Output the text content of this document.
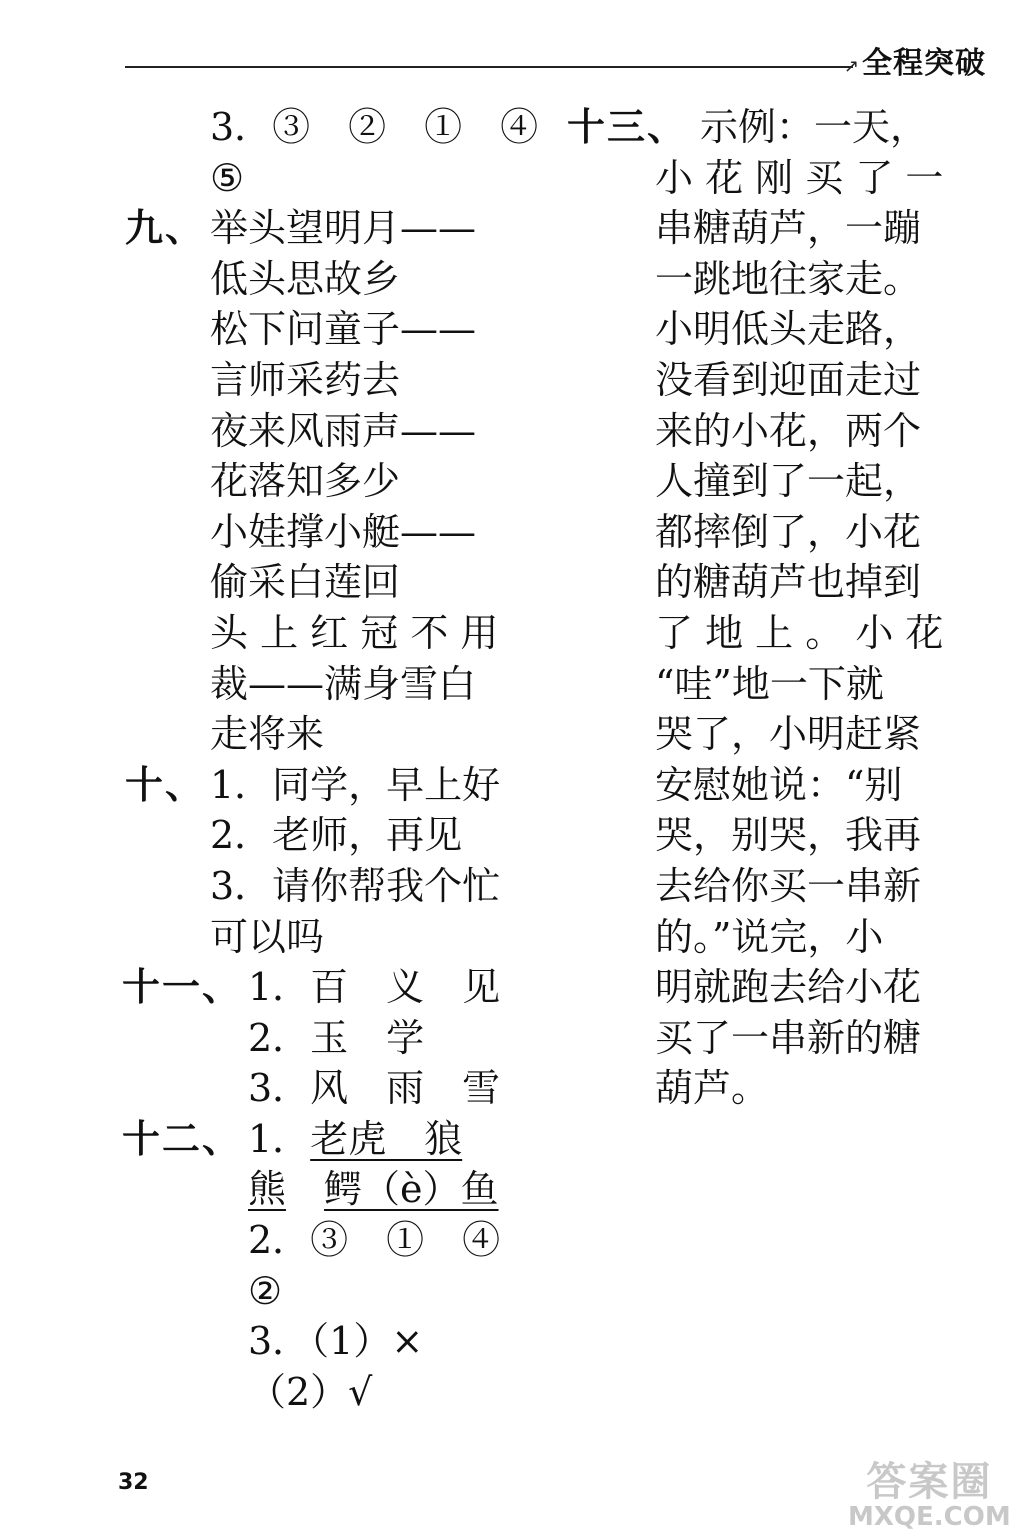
↗ 全程突破
3．③　②　①　④
⑤
九、 举头望明月——
低头思故乡
松下问童子——
言师采药去
夜来风雨声——
花落知多少
小娃撑小艇——
偷采白莲回
头 上 红 冠 不 用
裁——满身雪白
走将来
十、 1．同学，早上好
2．老师，再见
3．请你帮我个忙
可以吗
十一、 1．百　义　见
2．玉　学
3．风　雨　雪
十二、 1．老虎　狼
熊　 鳄（è）鱼
2．③　①　④
②
3．（1）×
（2）√
十三、 示例：一天，
小 花 刚 买 了 一
串糖葫芦，一蹦
一跳地往家走。
小明低头走路，
没看到迎面走过
来的小花，两个
人撞到了一起，
都摔倒了，小花
的糖葫芦也掉到
了 地 上 。 小 花
“哇”地一下就
哭了，小明赶紧
安慰她说：“别
哭，别哭，我再
去给你买一串新
的。”说完，小
明就跑去给小花
买了一串新的糖
葫芦。
32	答案圈
MXQE.COM
